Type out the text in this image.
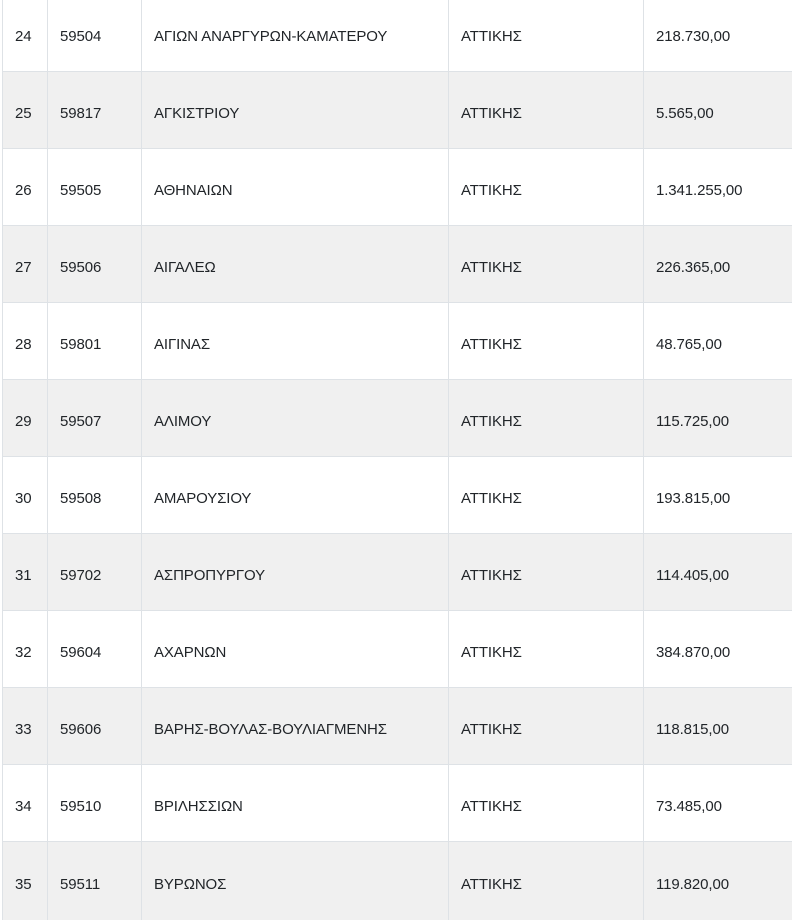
24	59504	ΑΓΙΩΝ ΑΝΑΡΓΥΡΩΝ-ΚΑΜΑΤΕΡΟΥ	ΑΤΤΙΚΗΣ	218.730,00
25	59817	ΑΓΚΙΣΤΡΙΟΥ	ΑΤΤΙΚΗΣ	5.565,00
26	59505	ΑΘΗΝΑΙΩΝ	ΑΤΤΙΚΗΣ	1.341.255,00
27	59506	ΑΙΓΑΛΕΩ	ΑΤΤΙΚΗΣ	226.365,00
28	59801	ΑΙΓΙΝΑΣ	ΑΤΤΙΚΗΣ	48.765,00
29	59507	ΑΛΙΜΟΥ	ΑΤΤΙΚΗΣ	115.725,00
30	59508	ΑΜΑΡΟΥΣΙΟΥ	ΑΤΤΙΚΗΣ	193.815,00
31	59702	ΑΣΠΡΟΠΥΡΓΟΥ	ΑΤΤΙΚΗΣ	114.405,00
32	59604	ΑΧΑΡΝΩΝ	ΑΤΤΙΚΗΣ	384.870,00
33	59606	ΒΑΡΗΣ-ΒΟΥΛΑΣ-ΒΟΥΛΙΑΓΜΕΝΗΣ	ΑΤΤΙΚΗΣ	118.815,00
34	59510	ΒΡΙΛΗΣΣΙΩΝ	ΑΤΤΙΚΗΣ	73.485,00
35	59511	ΒΥΡΩΝΟΣ	ΑΤΤΙΚΗΣ	119.820,00
